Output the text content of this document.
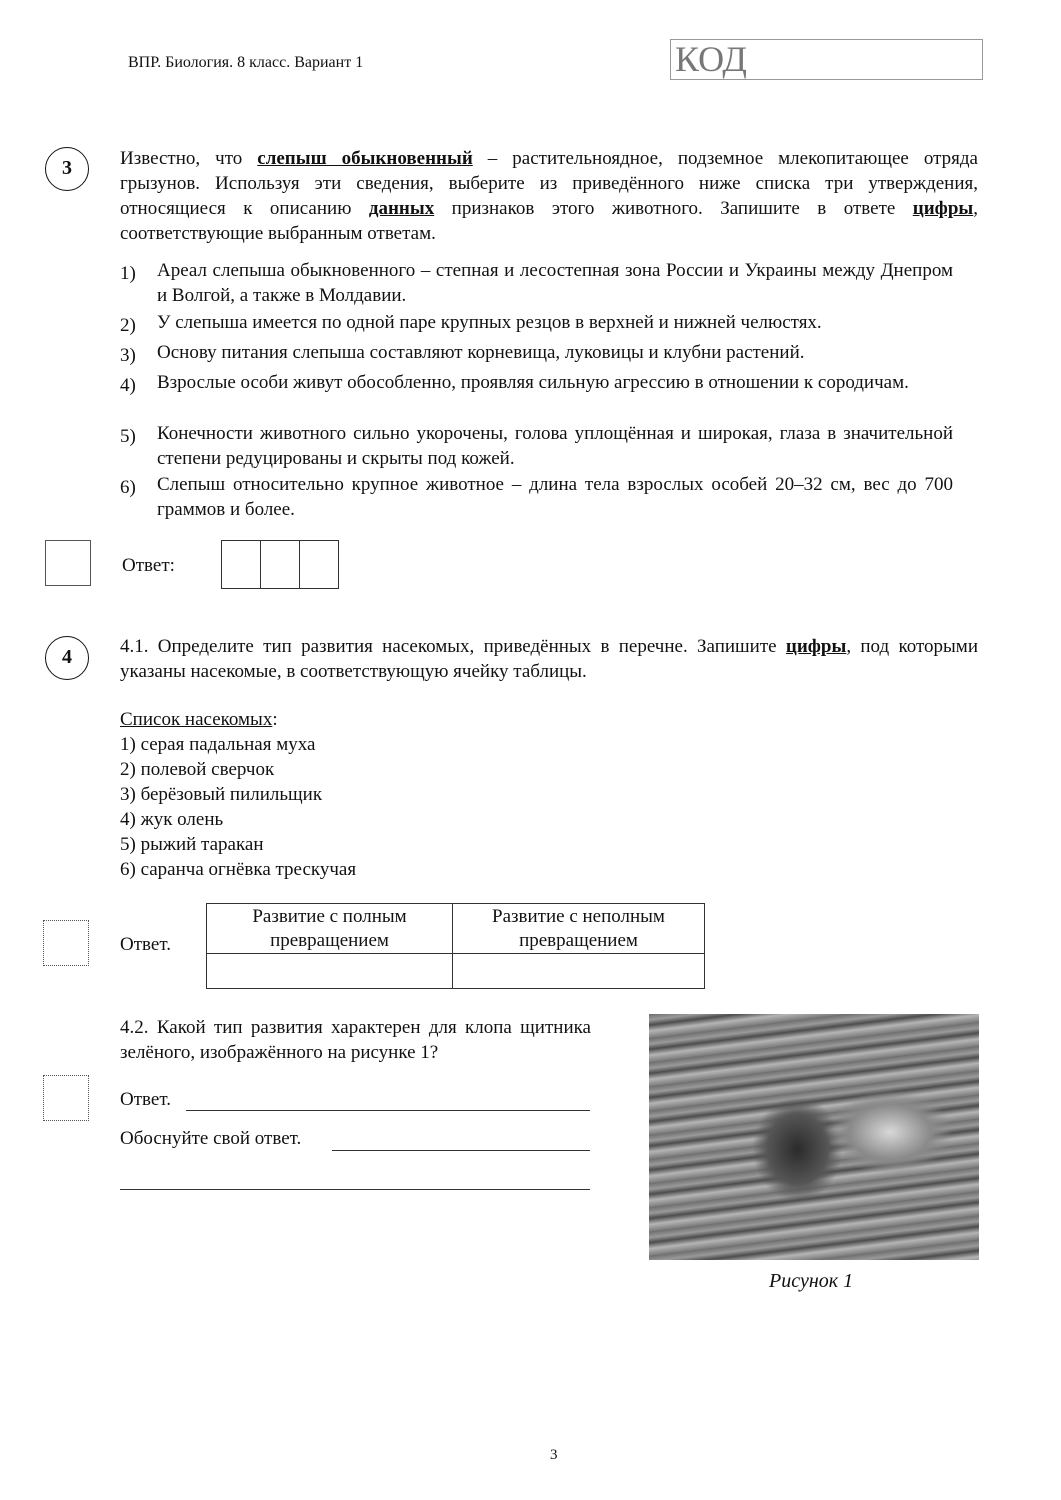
ВПР. Биология. 8 класс. Вариант 1	КОД
3	Известно, что слепыш обыкновенный – растительноядное, подземное млекопитающее отряда грызунов. Используя эти сведения, выберите из приведённого ниже списка три утверждения, относящиеся к описанию данных признаков этого животного. Запишите в ответе цифры, соответствующие выбранным ответам.
1) Ареал слепыша обыкновенного – степная и лесостепная зона России и Украины между Днепром и Волгой, а также в Молдавии.
2) У слепыша имеется по одной паре крупных резцов в верхней и нижней челюстях.
3) Основу питания слепыша составляют корневища, луковицы и клубни растений.
4) Взрослые особи живут обособленно, проявляя сильную агрессию в отношении к сородичам.
5) Конечности животного сильно укорочены, голова уплощённая и широкая, глаза в значительной степени редуцированы и скрыты под кожей.
6) Слепыш относительно крупное животное – длина тела взрослых особей 20–32 см, вес до 700 граммов и более.
Ответ:
4	4.1. Определите тип развития насекомых, приведённых в перечне. Запишите цифры, под которыми указаны насекомые, в соответствующую ячейку таблицы.
Список насекомых:
1) серая падальная муха
2) полевой сверчок
3) берёзовый пилильщик
4) жук олень
5) рыжий таракан
6) саранча огнёвка трескучая
Ответ.
Развитие с полным превращением	Развитие с неполным превращением

4.2. Какой тип развития характерен для клопа щитника зелёного, изображённого на рисунке 1?
Ответ.
Обоснуйте свой ответ.
Рисунок 1
3
